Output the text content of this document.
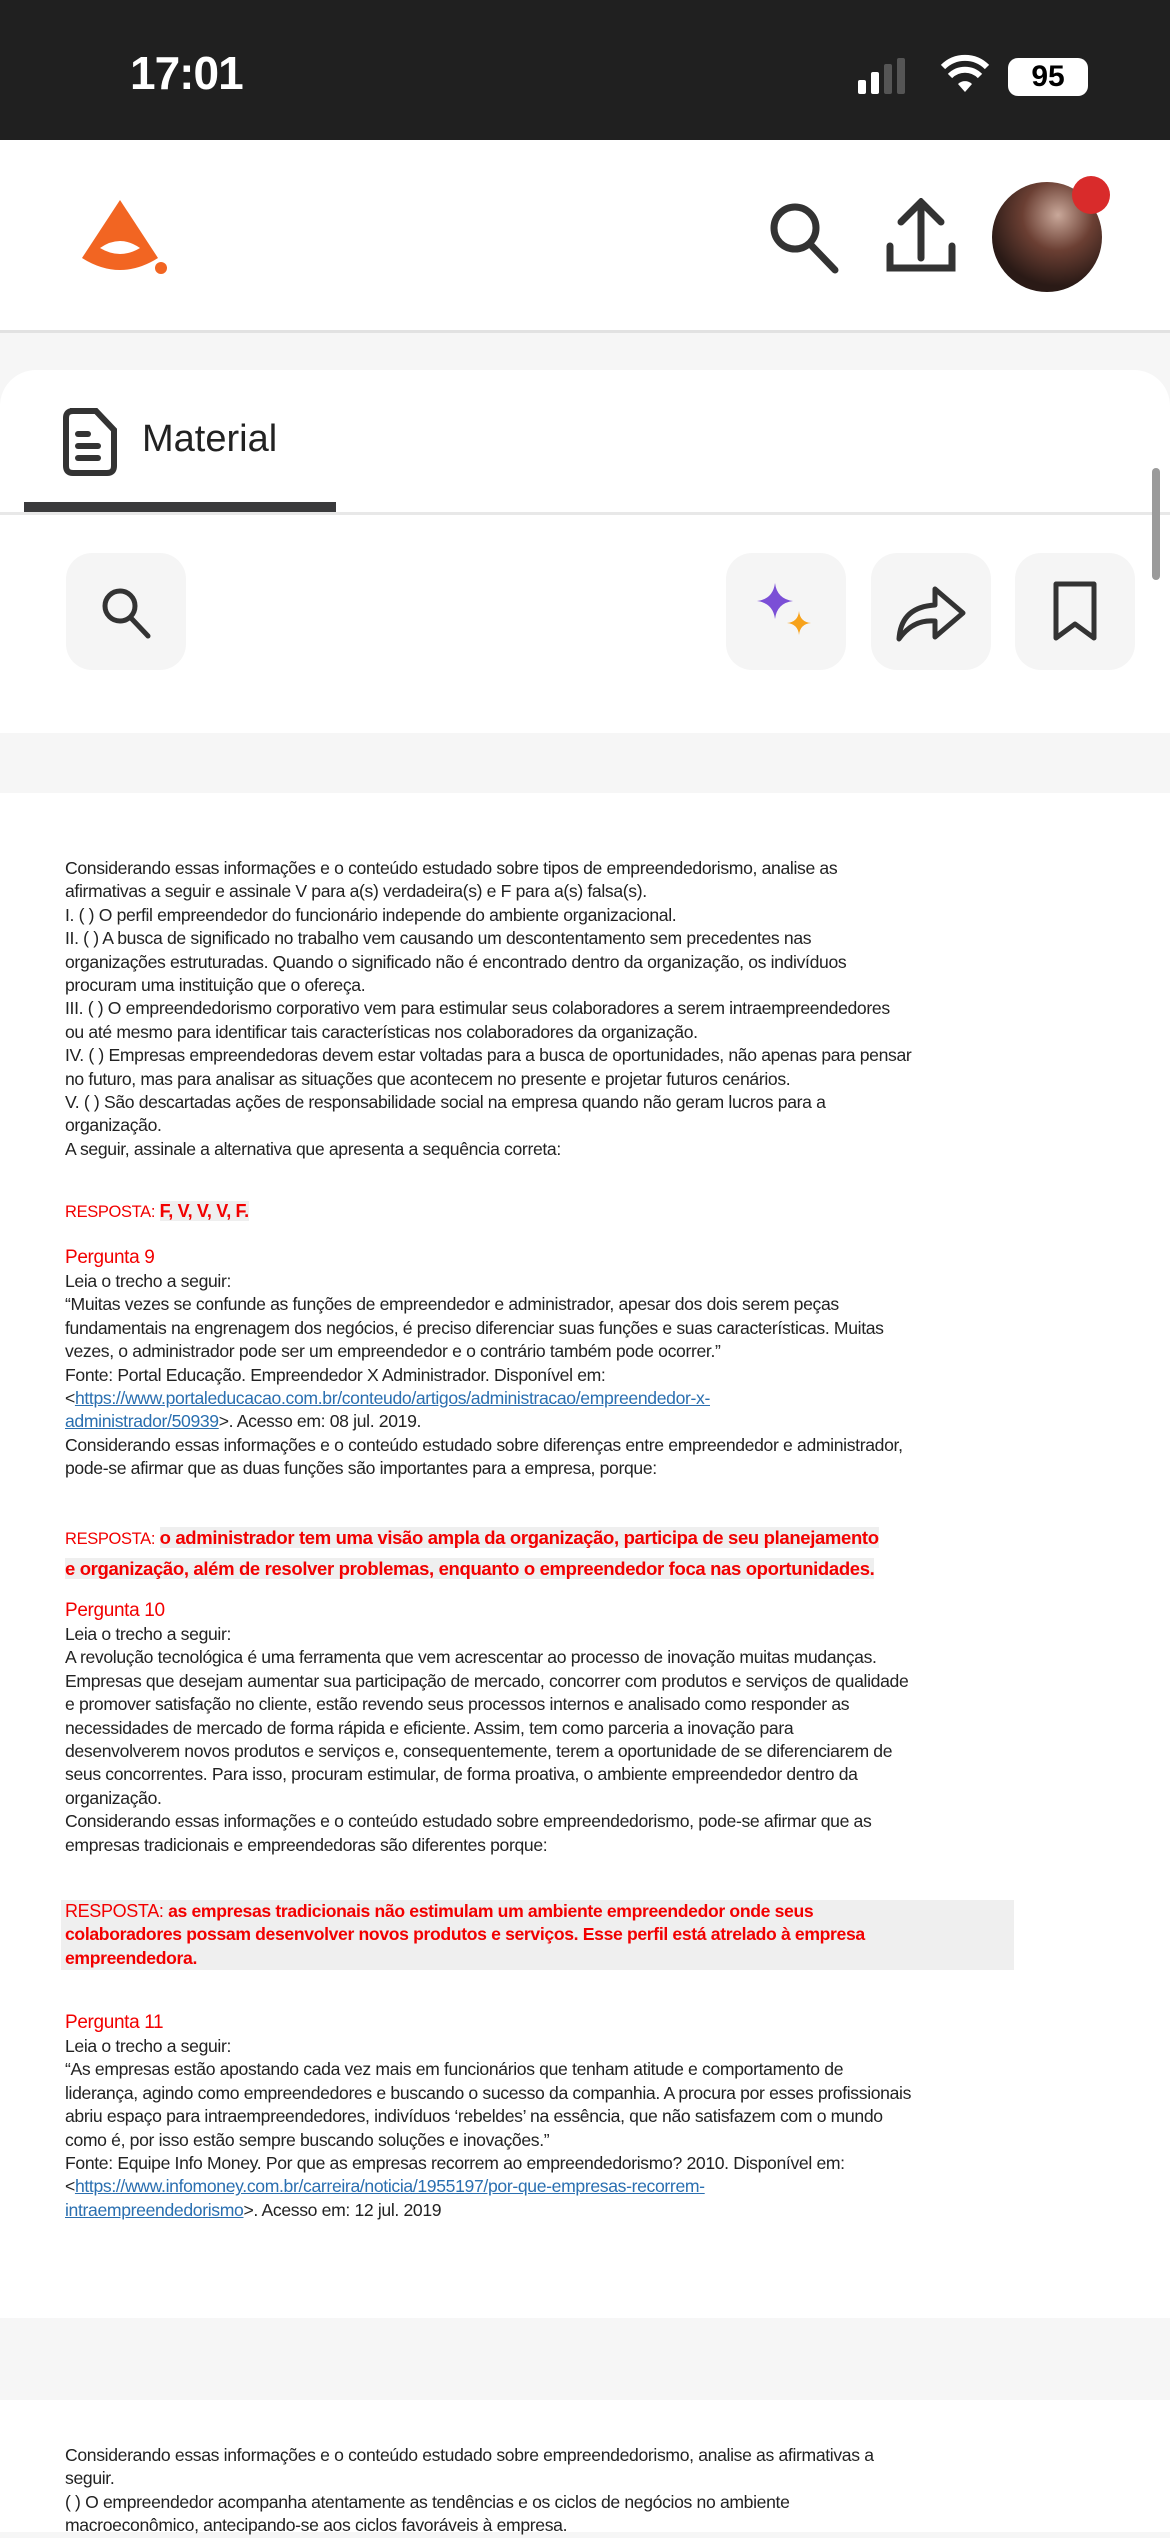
17:01	95
Material
Considerando essas informações e o conteúdo estudado sobre tipos de empreendedorismo, analise as
afirmativas a seguir e assinale V para a(s) verdadeira(s) e F para a(s) falsa(s).
I. ( ) O perfil empreendedor do funcionário independe do ambiente organizacional.
II. ( ) A busca de significado no trabalho vem causando um descontentamento sem precedentes nas
organizações estruturadas. Quando o significado não é encontrado dentro da organização, os indivíduos
procuram uma instituição que o ofereça.
III. ( ) O empreendedorismo corporativo vem para estimular seus colaboradores a serem intraempreendedores
ou até mesmo para identificar tais características nos colaboradores da organização.
IV. ( ) Empresas empreendedoras devem estar voltadas para a busca de oportunidades, não apenas para pensar
no futuro, mas para analisar as situações que acontecem no presente e projetar futuros cenários.
V. ( ) São descartadas ações de responsabilidade social na empresa quando não geram lucros para a
organização.
A seguir, assinale a alternativa que apresenta a sequência correta:
RESPOSTA: F, V, V, V, F.
Pergunta 9
Leia o trecho a seguir:
“Muitas vezes se confunde as funções de empreendedor e administrador, apesar dos dois serem peças
fundamentais na engrenagem dos negócios, é preciso diferenciar suas funções e suas características. Muitas
vezes, o administrador pode ser um empreendedor e o contrário também pode ocorrer.”
Fonte: Portal Educação. Empreendedor X Administrador. Disponível em:
<https://www.portaleducacao.com.br/conteudo/artigos/administracao/empreendedor-x-
administrador/50939>. Acesso em: 08 jul. 2019.
Considerando essas informações e o conteúdo estudado sobre diferenças entre empreendedor e administrador,
pode-se afirmar que as duas funções são importantes para a empresa, porque:
RESPOSTA: o administrador tem uma visão ampla da organização, participa de seu planejamento
e organização, além de resolver problemas, enquanto o empreendedor foca nas oportunidades.
Pergunta 10
Leia o trecho a seguir:
A revolução tecnológica é uma ferramenta que vem acrescentar ao processo de inovação muitas mudanças.
Empresas que desejam aumentar sua participação de mercado, concorrer com produtos e serviços de qualidade
e promover satisfação no cliente, estão revendo seus processos internos e analisado como responder as
necessidades de mercado de forma rápida e eficiente. Assim, tem como parceria a inovação para
desenvolverem novos produtos e serviços e, consequentemente, terem a oportunidade de se diferenciarem de
seus concorrentes. Para isso, procuram estimular, de forma proativa, o ambiente empreendedor dentro da
organização.
Considerando essas informações e o conteúdo estudado sobre empreendedorismo, pode-se afirmar que as
empresas tradicionais e empreendedoras são diferentes porque:
RESPOSTA: as empresas tradicionais não estimulam um ambiente empreendedor onde seus
colaboradores possam desenvolver novos produtos e serviços. Esse perfil está atrelado à empresa
empreendedora.
Pergunta 11
Leia o trecho a seguir:
“As empresas estão apostando cada vez mais em funcionários que tenham atitude e comportamento de
liderança, agindo como empreendedores e buscando o sucesso da companhia. A procura por esses profissionais
abriu espaço para intraempreendedores, indivíduos ‘rebeldes’ na essência, que não satisfazem com o mundo
como é, por isso estão sempre buscando soluções e inovações.”
Fonte: Equipe Info Money. Por que as empresas recorrem ao empreendedorismo? 2010. Disponível em:
<https://www.infomoney.com.br/carreira/noticia/1955197/por-que-empresas-recorrem-
intraempreendedorismo>. Acesso em: 12 jul. 2019
Considerando essas informações e o conteúdo estudado sobre empreendedorismo, analise as afirmativas a
seguir.
( ) O empreendedor acompanha atentamente as tendências e os ciclos de negócios no ambiente
macroeconômico, antecipando-se aos ciclos favoráveis à empresa.
